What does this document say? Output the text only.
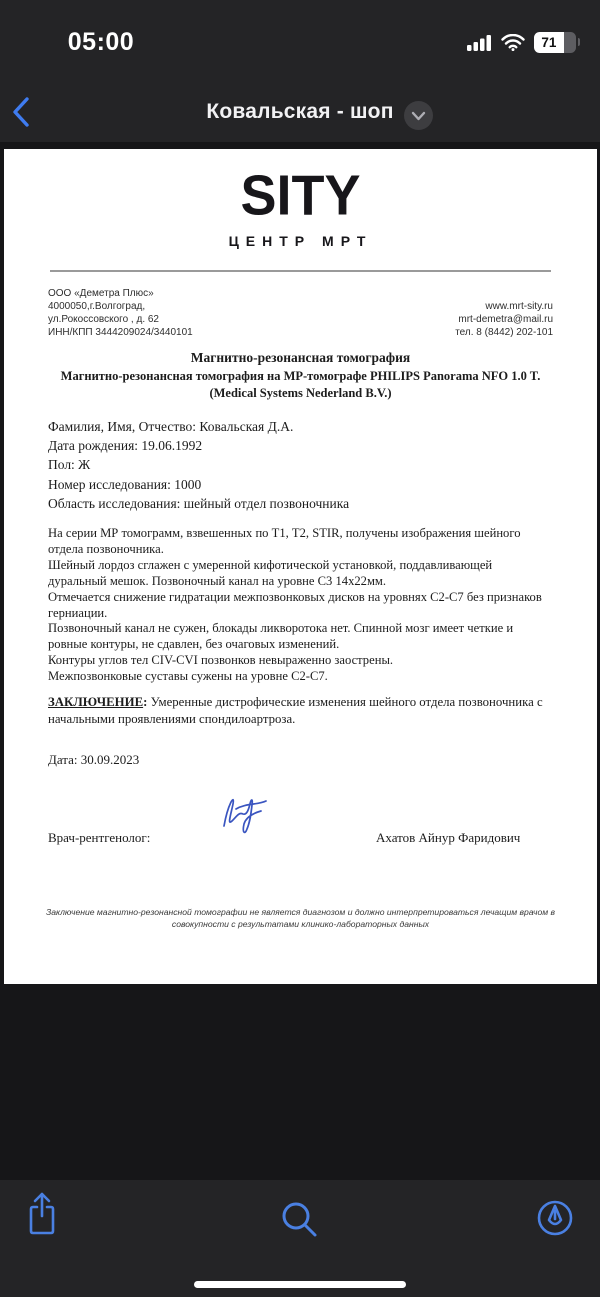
05:00	71
Ковальская - шоп
SITY
ЦЕНТР МРТ
ООО «Деметра Плюс»
4000050,г.Волгоград,
ул.Рокоссовского , д. 62
ИНН/КПП 3444209024/3440101
www.mrt-sity.ru
mrt-demetra@mail.ru
тел. 8 (8442) 202-101
Магнитно-резонансная томография
Магнитно-резонансная томография на МР-томографе PHILIPS Panorama NFO 1.0 T. (Medical Systems Nederland B.V.)
Фамилия, Имя, Отчество: Ковальская Д.А.
Дата рождения: 19.06.1992
Пол: Ж
Номер исследования: 1000
Область исследования: шейный отдел позвоночника
На серии МР томограмм, взвешенных по Т1, Т2, STIR, получены изображения шейного отдела позвоночника.
Шейный лордоз сглажен с умеренной кифотической установкой, поддавливающей дуральный мешок. Позвоночный канал на уровне С3 14х22мм.
Отмечается снижение гидратации межпозвонковых дисков на уровнях С2-С7 без признаков герниации.
Позвоночный канал не сужен, блокады ликворотока нет. Спинной мозг имеет четкие и ровные контуры, не сдавлен, без очаговых изменений.
Контуры углов тел CIV-CVI позвонков невыраженно заострены.
Межпозвонковые суставы сужены на уровне С2-С7.
ЗАКЛЮЧЕНИЕ: Умеренные дистрофические изменения шейного отдела позвоночника с начальными проявлениями спондилоартроза.
Дата: 30.09.2023
Врач-рентгенолог:	Ахатов Айнур Фаридович
Заключение магнитно-резонансной томографии не является диагнозом и должно интерпретироваться лечащим врачом в совокупности с результатами клинико-лабораторных данных
